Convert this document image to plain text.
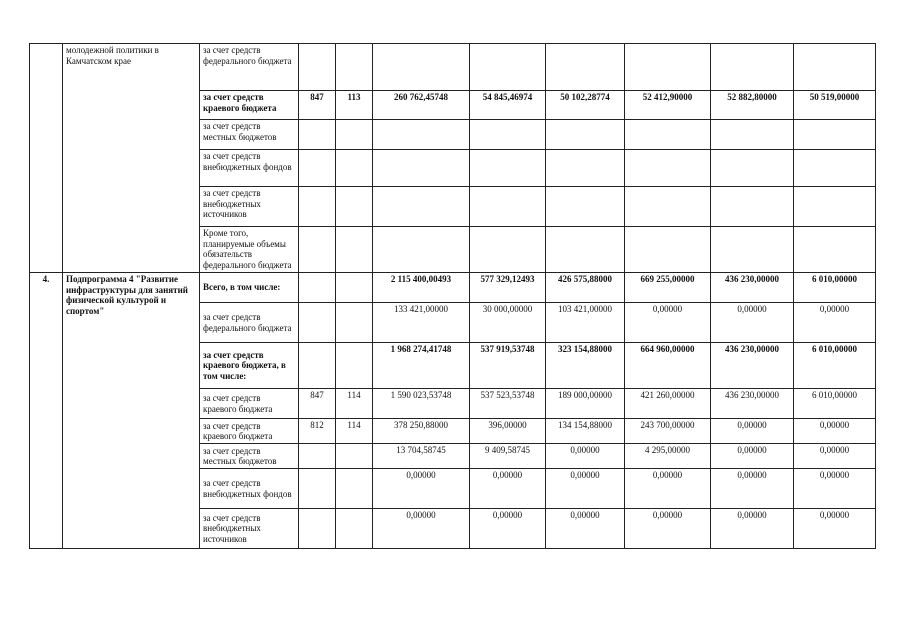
	молодежной политики в Камчатском крае	за счет средств федерального бюджета								
		за счет средств краевого бюджета	847	113	260 762,45748	54 845,46974	50 102,28774	52 412,90000	52 882,80000	50 519,00000
		за счет средств местных бюджетов								
		за счет средств внебюджетных фондов								
		за счет средств внебюджетных источников								
		Кроме того, планируемые объемы обязательств федерального бюджета								
4.	Подпрограмма 4 "Развитие инфраструктуры для занятий физической культурой и спортом"	Всего, в том числе:			2 115 400,00493	577 329,12493	426 575,88000	669 255,00000	436 230,00000	6 010,00000
		за счет средств федерального бюджета			133 421,00000	30 000,00000	103 421,00000	0,00000	0,00000	0,00000
		за счет средств краевого бюджета, в том числе:			1 968 274,41748	537 919,53748	323 154,88000	664 960,00000	436 230,00000	6 010,00000
		за счет средств краевого бюджета	847	114	1 590 023,53748	537 523,53748	189 000,00000	421 260,00000	436 230,00000	6 010,00000
		за счет средств краевого бюджета	812	114	378 250,88000	396,00000	134 154,88000	243 700,00000	0,00000	0,00000
		за счет средств местных бюджетов			13 704,58745	9 409,58745	0,00000	4 295,00000	0,00000	0,00000
		за счет средств внебюджетных фондов			0,00000	0,00000	0,00000	0,00000	0,00000	0,00000
		за счет средств внебюджетных источников			0,00000	0,00000	0,00000	0,00000	0,00000	0,00000
